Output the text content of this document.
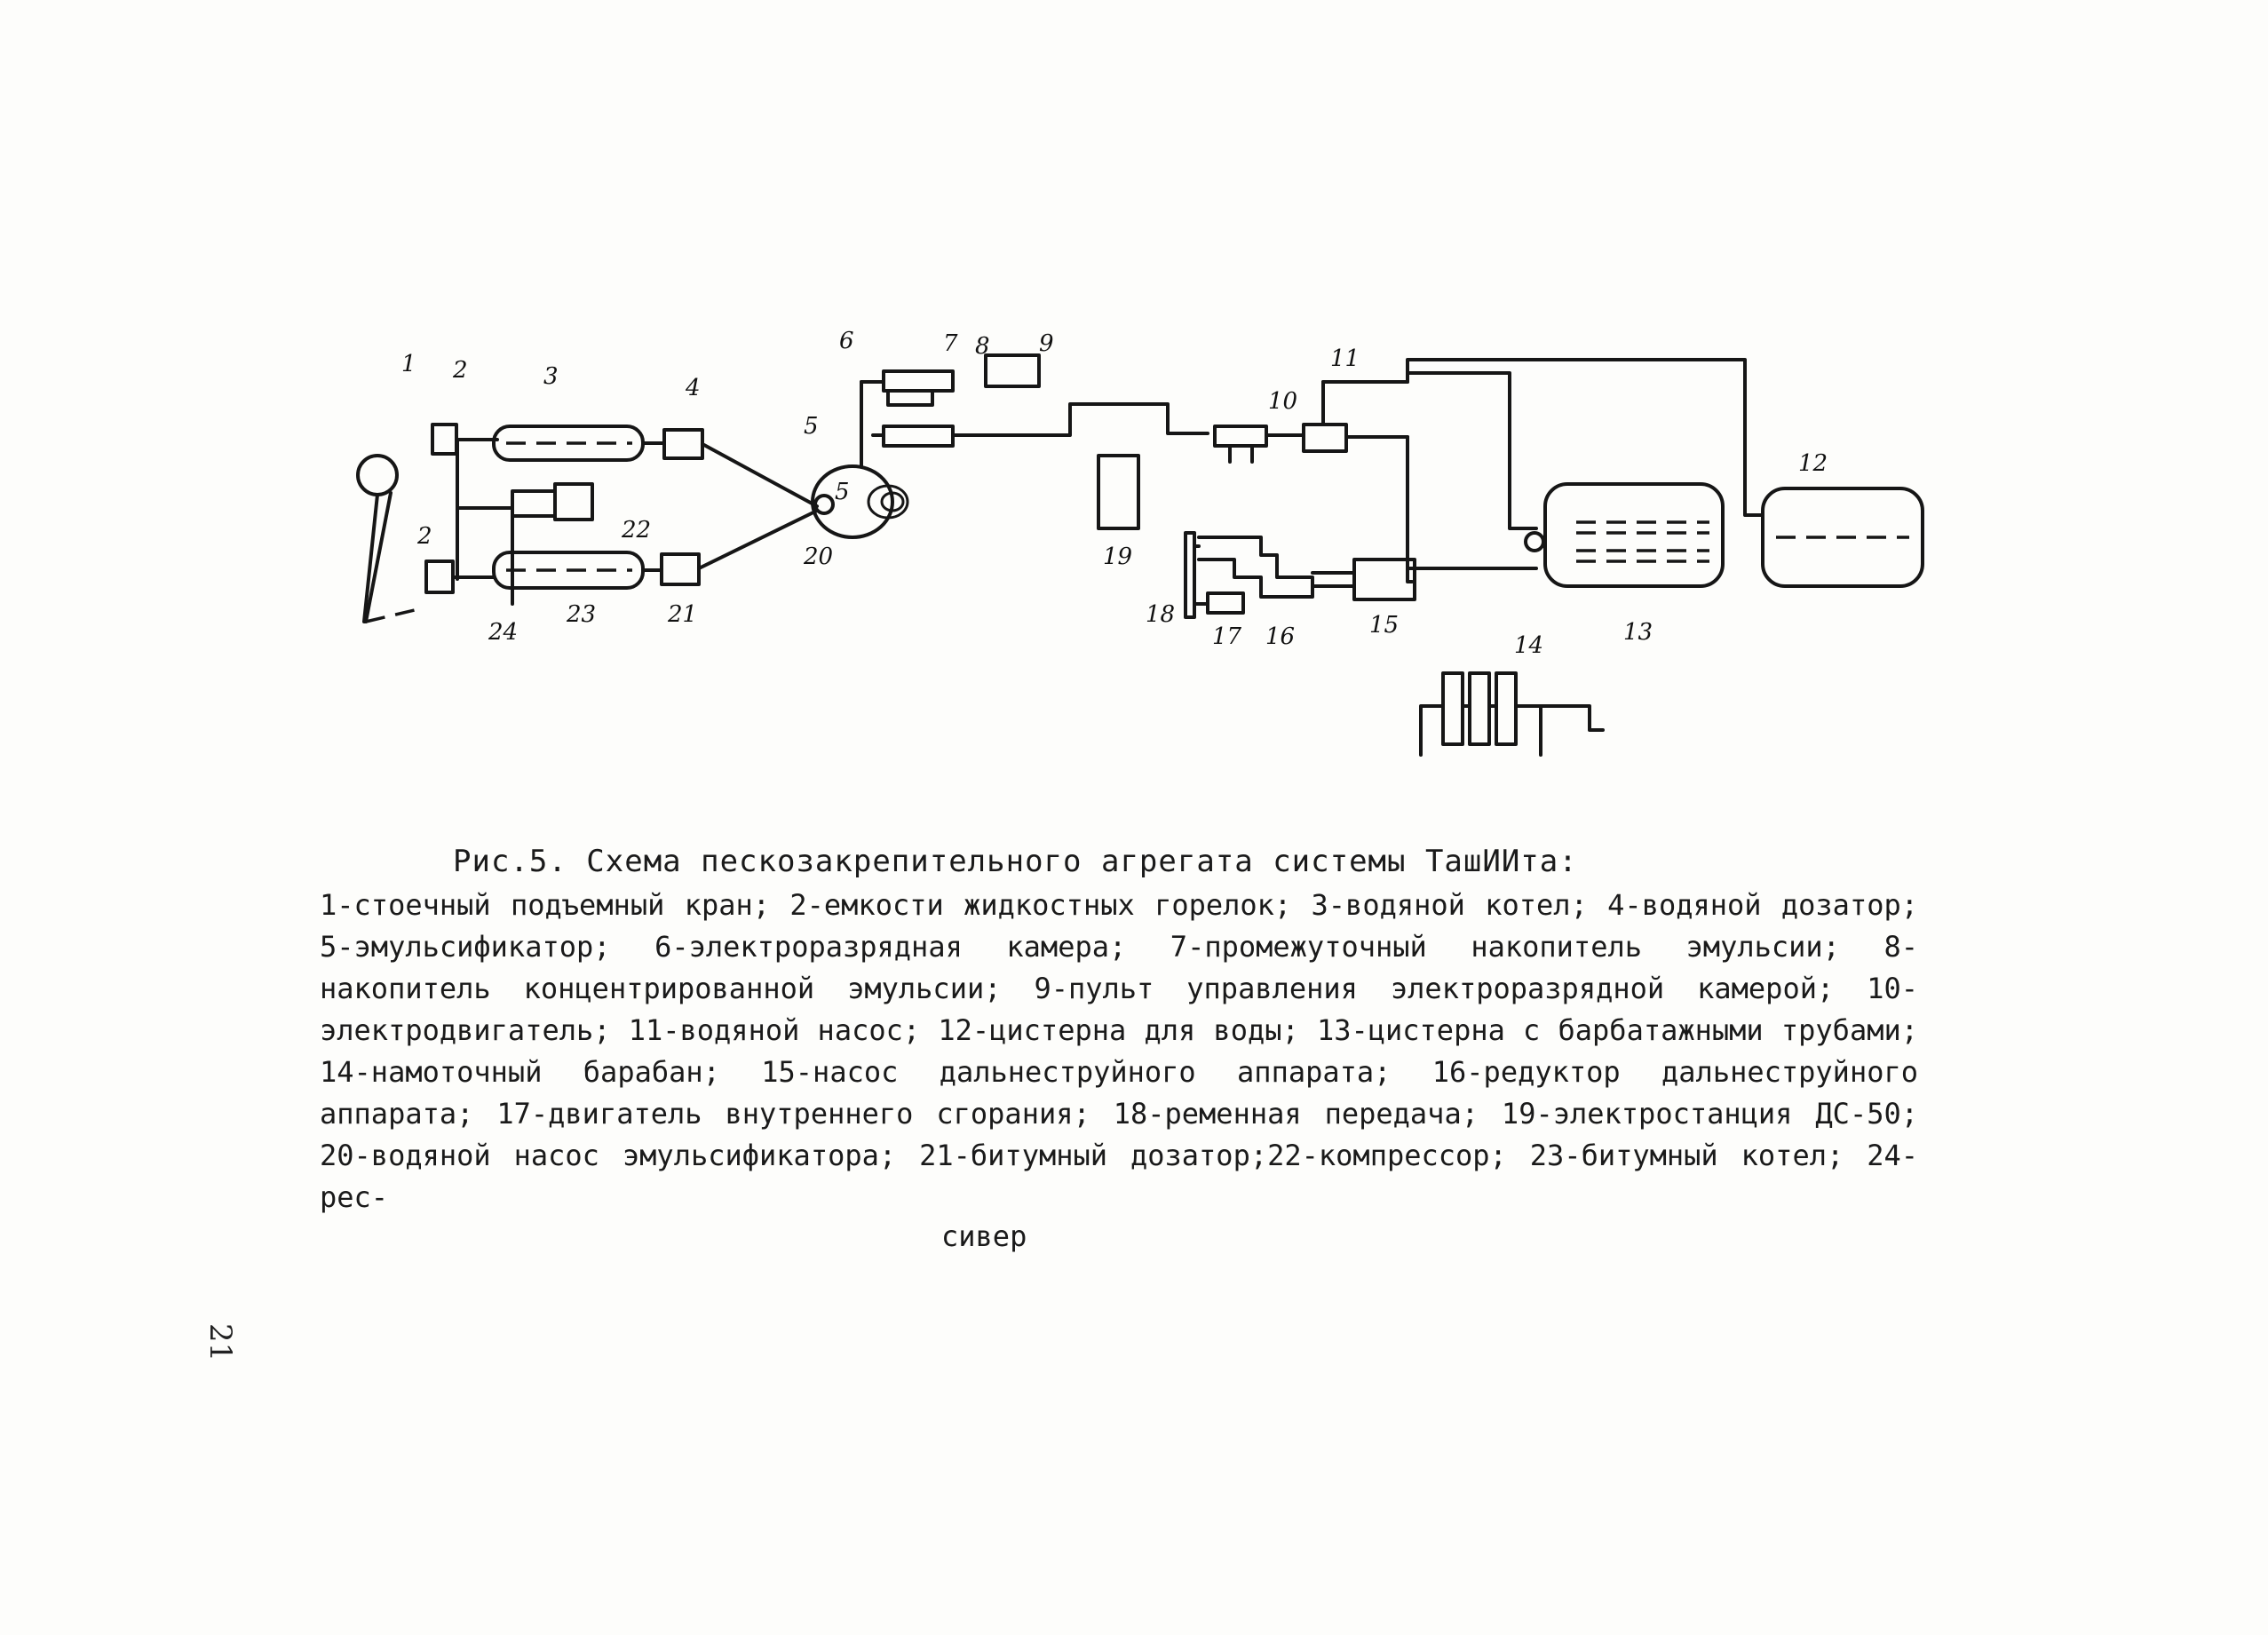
1 2
2
3	4
5
5
6	7 8 9
10
11
12
13
14
15
16
17
18
19
20
21
22
23
24

Рис.5. Схема пескозакрепительного агрегата системы ТашИИта:

1-стоечный подъемный кран; 2-емкости жидкостных горелок; 3-водяной котел; 4-водяной дозатор; 5-эмульсификатор; 6-электроразрядная камера; 7-промежуточный накопитель эмульсии; 8-накопитель концентрированной эмульсии; 9-пульт управления электроразрядной камерой; 10-электродвигатель; 11-водяной насос; 12-цистерна для воды; 13-цистерна с барбатажными трубами; 14-намоточный барабан; 15-насос дальнеструйного аппарата; 16-редуктор дальнеструйного аппарата; 17-двигатель внутреннего сгорания; 18-ременная передача; 19-электростанция ДС-50; 20-водяной насос эмульсификатора; 21-битумный дозатор;22-компрессор; 23-битумный котел; 24-рес-

сивер

21
